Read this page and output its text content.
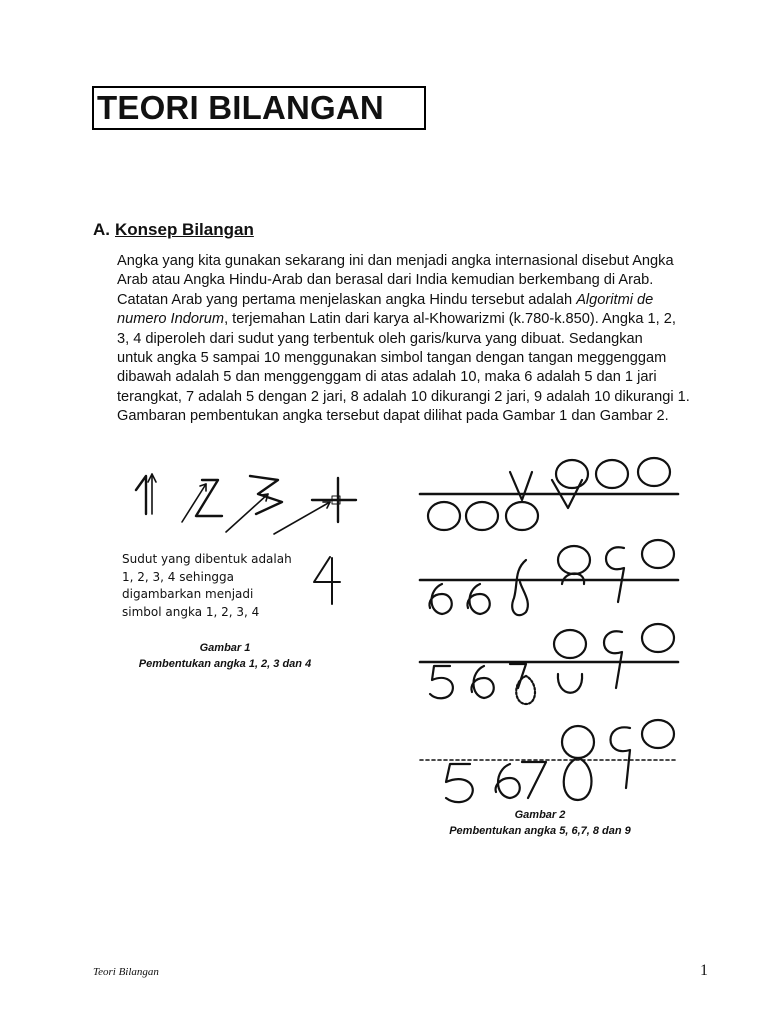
TEORI BILANGAN
A. Konsep Bilangan
Angka yang kita gunakan sekarang ini dan menjadi angka internasional disebut Angka
Arab atau Angka Hindu-Arab dan berasal dari India kemudian berkembang di Arab.
Catatan Arab yang pertama menjelaskan angka Hindu tersebut adalah Algoritmi de
numero Indorum, terjemahan Latin dari karya al-Khowarizmi (k.780-k.850). Angka 1, 2,
3, 4 diperoleh dari sudut yang terbentuk oleh garis/kurva yang dibuat. Sedangkan
untuk angka 5 sampai 10 menggunakan simbol tangan dengan tangan meggenggam
dibawah adalah 5 dan menggenggam di atas adalah 10, maka 6 adalah 5 dan 1 jari
terangkat, 7 adalah 5 dengan 2 jari, 8 adalah 10 dikurangi 2 jari, 9 adalah 10 dikurangi 1.
Gambaran pembentukan angka tersebut dapat dilihat pada Gambar 1 dan Gambar 2.
Sudut yang dibentuk adalah
1, 2, 3, 4 sehingga
digambarkan menjadi
simbol angka 1, 2, 3, 4
Gambar 1
Pembentukan angka 1, 2, 3 dan 4
Gambar 2
Pembentukan angka 5, 6,7, 8 dan 9
Teori Bilangan	1
